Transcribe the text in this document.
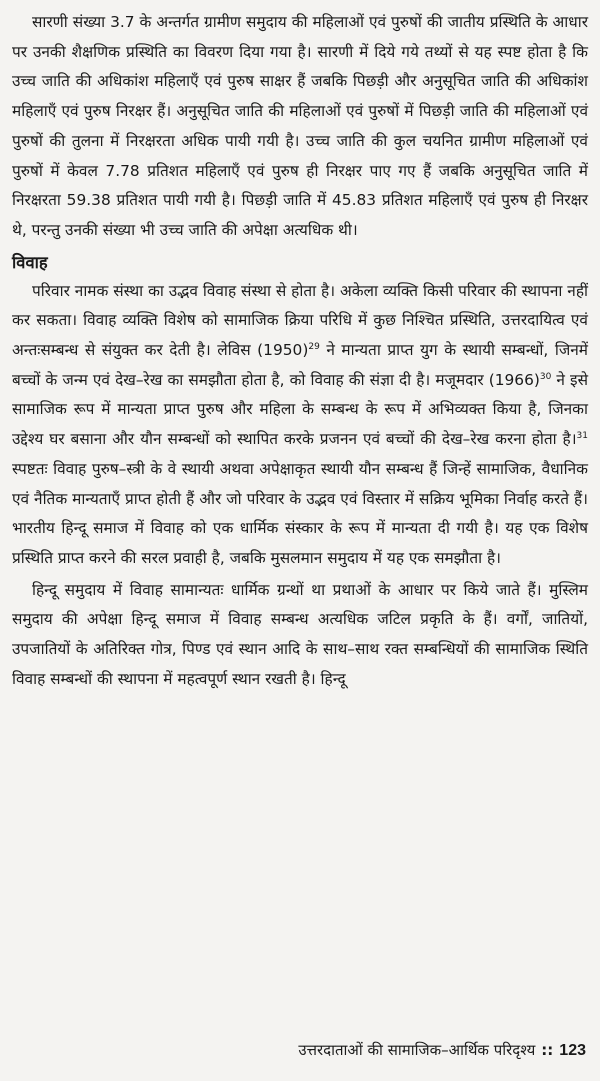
सारणी संख्या 3.7 के अन्तर्गत ग्रामीण समुदाय की महिलाओं एवं पुरुषों की जातीय प्रस्थिति के आधार पर उनकी शैक्षणिक प्रस्थिति का विवरण दिया गया है। सारणी में दिये गये तथ्यों से यह स्पष्ट होता है कि उच्च जाति की अधिकांश महिलाएँ एवं पुरुष साक्षर हैं जबकि पिछड़ी और अनुसूचित जाति की अधिकांश महिलाएँ एवं पुरुष निरक्षर हैं। अनुसूचित जाति की महिलाओं एवं पुरुषों में पिछड़ी जाति की महिलाओं एवं पुरुषों की तुलना में निरक्षरता अधिक पायी गयी है। उच्च जाति की कुल चयनित ग्रामीण महिलाओं एवं पुरुषों में केवल 7.78 प्रतिशत महिलाएँ एवं पुरुष ही निरक्षर पाए गए हैं जबकि अनुसूचित जाति में निरक्षरता 59.38 प्रतिशत पायी गयी है। पिछड़ी जाति में 45.83 प्रतिशत महिलाएँ एवं पुरुष ही निरक्षर थे, परन्तु उनकी संख्या भी उच्च जाति की अपेक्षा अत्यधिक थी।

विवाह

परिवार नामक संस्था का उद्भव विवाह संस्था से होता है। अकेला व्यक्ति किसी परिवार की स्थापना नहीं कर सकता। विवाह व्यक्ति विशेष को सामाजिक क्रिया परिधि में कुछ निश्चित प्रस्थिति, उत्तरदायित्व एवं अन्तःसम्बन्ध से संयुक्त कर देती है। लेविस $(1950)^{29}$ ने मान्यता प्राप्त युग के स्थायी सम्बन्धों, जिनमें बच्चों के जन्म एवं देख–रेख का समझौता होता है, को विवाह की संज्ञा दी है। मजूमदार $(1966)^{30}$ ने इसे सामाजिक रूप में मान्यता प्राप्त पुरुष और महिला के सम्बन्ध के रूप में अभिव्यक्त किया है, जिनका उद्देश्य घर बसाना और यौन सम्बन्धों को स्थापित करके प्रजनन एवं बच्चों की देख–रेख करना होता है।$^{31}$ स्पष्टतः विवाह पुरुष–स्त्री के वे स्थायी अथवा अपेक्षाकृत स्थायी यौन सम्बन्ध हैं जिन्हें सामाजिक, वैधानिक एवं नैतिक मान्यताएँ प्राप्त होती हैं और जो परिवार के उद्भव एवं विस्तार में सक्रिय भूमिका निर्वाह करते हैं। भारतीय हिन्दू समाज में विवाह को एक धार्मिक संस्कार के रूप में मान्यता दी गयी है। यह एक विशेष प्रस्थिति प्राप्त करने की सरल प्रवाही है, जबकि मुसलमान समुदाय में यह एक समझौता है।

हिन्दू समुदाय में विवाह सामान्यतः धार्मिक ग्रन्थों था प्रथाओं के आधार पर किये जाते हैं। मुस्लिम समुदाय की अपेक्षा हिन्दू समाज में विवाह सम्बन्ध अत्यधिक जटिल प्रकृति के हैं। वर्गों, जातियों, उपजातियों के अतिरिक्त गोत्र, पिण्ड एवं स्थान आदि के साथ–साथ रक्त सम्बन्धियों की सामाजिक स्थिति विवाह सम्बन्धों की स्थापना में महत्वपूर्ण स्थान रखती है। हिन्दू

उत्तरदाताओं की सामाजिक–आर्थिक परिदृश्य :: 123
